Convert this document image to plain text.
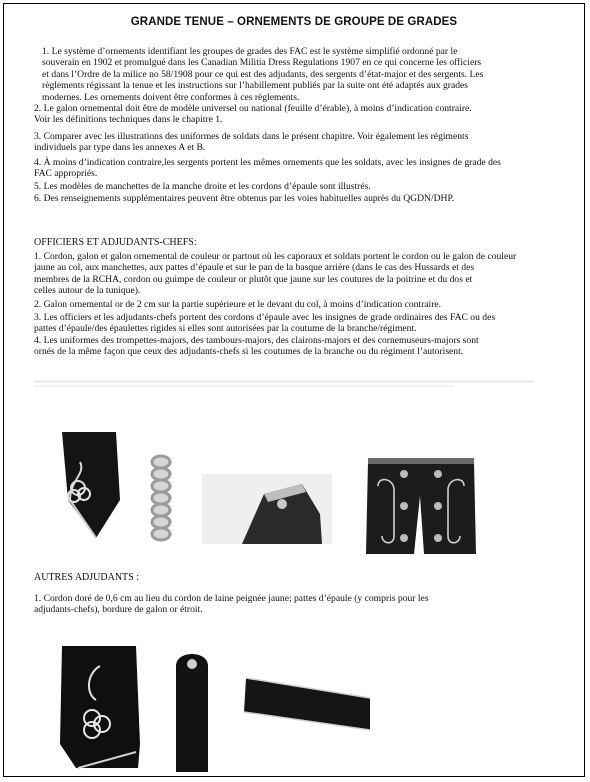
GRANDE TENUE – ORNEMENTS DE GROUPE DE GRADES

1. Le système d’ornements identifiant les groupes de grades des FAC est le système simplifié ordonné par le

souverain en 1902 et promulgué dans les Canadian Militia Dress Regulations 1907 en ce qui concerne les officiers

et dans l’Ordre de la milice no 58/1908 pour ce qui est des adjudants, des sergents d’état-major et des sergents. Les

règlements régissant la tenue et les instructions sur l’habillement publiés par la suite ont été adaptés aux grades

modernes. Les ornements doivent être conformes à ces règlements.

2. Le galon ornemental doit être de modèle universel ou national (feuille d’érable), à moins d’indication contraire.

Voir les définitions techniques dans le chapitre 1.

3. Comparer avec les illustrations des uniformes de soldats dans le présent chapitre. Voir également les régiments

individuels par type dans les annexes A et B.

4. À moins d’indication contraire,les sergents portent les mêmes ornements que les soldats, avec les insignes de grade des

FAC appropriés.

5. Les modèles de manchettes de la manche droite et les cordons d’épaule sont illustrés.

6. Des renseignements supplémentaires peuvent être obtenus par les voies habituelles auprès du QGDN/DHP.

OFFICIERS ET ADJUDANTS-CHEFS:

1. Cordon, galon et galon ornemental de couleur or partout où les caporaux et soldats portent le cordon ou le galon de couleur

jaune au col, aux manchettes, aux pattes d’épaule et sur le pan de la basque arrière (dans le cas des Hussards et des

membres de la RCHA, cordon ou guimpe de couleur or plutôt que jaune sur les coutures de la poitrine et du dos et

celles autour de la tunique).

2. Galon ornemental or de 2 cm sur la partie supérieure et le devant du col, à moins d’indication contraire.

3. Les officiers et les adjudants-chefs portent des cordons d’épaule avec les insignes de grade ordinaires des FAC ou des

pattes d’épaule/des épaulettes rigides si elles sont autorisées par la coutume de la branche/régiment.

4. Les uniformes des trompettes-majors, des tambours-majors, des clairons-majors et des cornemuseurs-majors sont

ornés de la même façon que ceux des adjudants-chefs si les coutumes de la branche ou du régiment l’autorisent.

AUTRES ADJUDANTS :

1. Cordon doré de 0,6 cm au lieu du cordon de laine peignée jaune; pattes d’épaule (y compris pour les

adjudants-chefs), bordure de galon or étroit.
